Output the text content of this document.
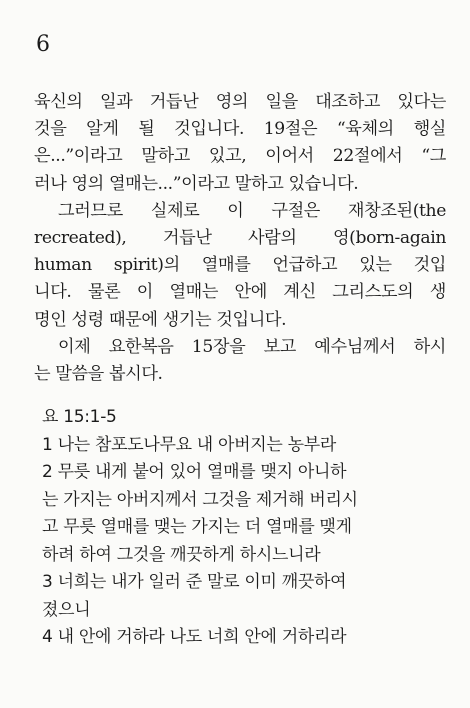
6

육신의 일과 거듭난 영의 일을 대조하고 있다는
것을 알게 될 것입니다. 19절은 “육체의 행실
은...”이라고 말하고 있고, 이어서 22절에서 “그
러나 영의 열매는...”이라고 말하고 있습니다.

그러므로 실제로 이 구절은 재창조된(the
recreated), 거듭난 사람의 영(born-again
human spirit)의 열매를 언급하고 있는 것입
니다. 물론 이 열매는 안에 계신 그리스도의 생
명인 성령 때문에 생기는 것입니다.

이제 요한복음 15장을 보고 예수님께서 하시
는 말씀을 봅시다.

요 15:1-5
1 나는 참포도나무요 내 아버지는 농부라
2 무릇 내게 붙어 있어 열매를 맺지 아니하
는 가지는 아버지께서 그것을 제거해 버리시
고 무릇 열매를 맺는 가지는 더 열매를 맺게
하려 하여 그것을 깨끗하게 하시느니라
3 너희는 내가 일러 준 말로 이미 깨끗하여
졌으니
4 내 안에 거하라 나도 너희 안에 거하리라
